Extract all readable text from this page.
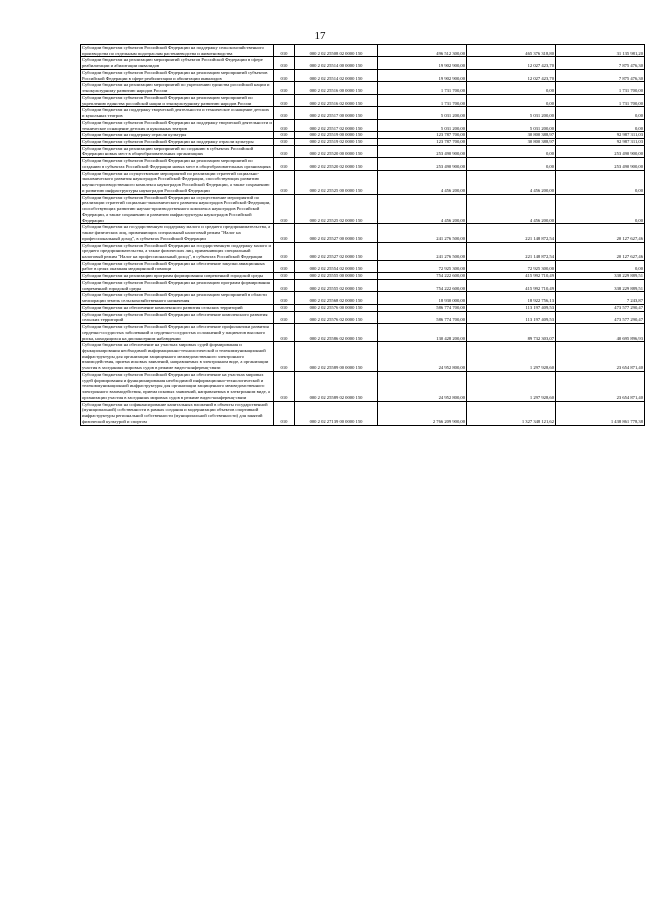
17
Субсидии бюджетам субъектов Российской Федерации на поддержку сельскохозяйственного производства по отдельным подотраслям растениеводства и животноводства	010	000 2 02 25508 02 0000 150	496 512 300,00	465 376 318,80	31 135 981,20
Субсидии бюджетам на реализацию мероприятий субъектов Российской Федерации в сфере реабилитации и абилитации инвалидов	010	000 2 02 25514 00 0000 150	19 902 900,00	12 027 423,70	7 875 476,30
Субсидии бюджетам субъектов Российской Федерации на реализацию мероприятий субъектов Российской Федерации в сфере реабилитации и абилитации инвалидов	010	000 2 02 25514 02 0000 150	19 902 900,00	12 027 423,70	7 875 476,30
Субсидии бюджетам на реализацию мероприятий по укреплению единства российской нации и этнокультурному развитию народов России	010	000 2 02 25516 00 0000 150	1 731 700,00	0,00	1 731 700,00
Субсидии бюджетам субъектов Российской Федерации на реализацию мероприятий по укреплению единства российской нации и этнокультурному развитию народов России	010	000 2 02 25516 02 0000 150	1 731 700,00	0,00	1 731 700,00
Субсидии бюджетам на поддержку творческой деятельности и техническое оснащение детских и кукольных театров	010	000 2 02 25517 00 0000 150	5 031 200,00	5 031 200,00	0,00
Субсидии бюджетам субъектов Российской Федерации на поддержку творческой деятельности и техническое оснащение детских и кукольных театров	010	000 2 02 25517 02 0000 150	5 031 200,00	5 031 200,00	0,00
Субсидии бюджетам на поддержку отрасли культуры	010	000 2 02 25519 00 0000 150	123 787 700,00	30 800 388,97	92 987 311,03
Субсидии бюджетам субъектов Российской Федерации на поддержку отрасли культуры	010	000 2 02 25519 02 0000 150	123 787 700,00	30 800 388,97	92 987 311,03
Субсидии бюджетам на реализацию мероприятий по созданию в субъектах Российской Федерации новых мест в общеобразовательных организациях	010	000 2 02 25520 00 0000 150	253 490 900,00	0,00	253 490 900,00
Субсидии бюджетам субъектов Российской Федерации на реализацию мероприятий по созданию в субъектах Российской Федерации новых мест в общеобразовательных организациях	010	000 2 02 25520 02 0000 150	253 490 900,00	0,00	253 490 900,00
Субсидии бюджетам на осуществление мероприятий по реализации стратегий социально-экономического развития наукоградов Российской Федерации, способствующих развитию научно-производственного комплекса наукоградов Российской Федерации, а также сохранению и развитию инфраструктуры наукоградов Российской Федерации	010	000 2 02 25525 00 0000 150	4 456 200,00	4 456 200,00	0,00
Субсидии бюджетам субъектов Российской Федерации на осуществление мероприятий по реализации стратегий социально-экономического развития наукоградов Российской Федерации, способствующих развитию научно-производственного комплекса наукоградов Российской Федерации, а также сохранению и развитию инфраструктуры наукоградов Российской Федерации	010	000 2 02 25525 02 0000 150	4 456 200,00	4 456 200,00	0,00
Субсидии бюджетам на государственную поддержку малого и среднего предпринимательства, а также физических лиц, применяющих специальный налоговый режим "Налог на профессиональный доход", в субъектах Российской Федерации	010	000 2 02 25527 00 0000 150	241 276 500,00	221 148 872,54	20 127 627,46
Субсидии бюджетам субъектов Российской Федерации на государственную поддержку малого и среднего предпринимательства, а также физических лиц, применяющих специальный налоговый режим "Налог на профессиональный доход", в субъектах Российской Федерации	010	000 2 02 25527 02 0000 150	241 276 500,00	221 148 872,54	20 127 627,46
Субсидии бюджетам субъектов Российской Федерации на обеспечение закупки авиационных работ в целях оказания медицинской помощи	010	000 2 02 25554 02 0000 150	72 925 300,00	72 925 300,00	0,00
Субсидии бюджетам на реализацию программ формирования современной городской среды	010	000 2 02 25555 00 0000 150	754 222 600,00	415 992 710,49	338 229 889,51
Субсидии бюджетам субъектов Российской Федерации на реализацию программ формирования современной городской среды	010	000 2 02 25555 02 0000 150	754 222 600,00	415 992 710,49	338 229 889,51
Субсидии бюджетам субъектов Российской Федерации на реализацию мероприятий в области мелиорации земель сельскохозяйственного назначения	010	000 2 02 25568 02 0000 150	18 930 000,00	18 922 756,13	7 243,87
Субсидии бюджетам на обеспечение комплексного развития сельских территорий	010	000 2 02 25576 00 0000 150	586 774 700,00	113 197 409,53	473 577 290,47
Субсидии бюджетам субъектов Российской Федерации на обеспечение комплексного развития сельских территорий	010	000 2 02 25576 02 0000 150	586 774 700,00	113 197 409,53	473 577 290,47
Субсидии бюджетам субъектов Российской Федерации на обеспечение профилактики развития сердечно-сосудистых заболеваний и сердечно-сосудистых осложнений у пациентов высокого риска, находящихся на диспансерном наблюдении	010	000 2 02 25586 02 0000 150	130 428 200,00	89 732 303,07	40 695 896,93
Субсидии бюджетам на обеспечение на участках мировых судей формирования и функционирования необходимой информационно-технологической и телекоммуникационной инфраструктуры для организации защищенного межведомственного электронного взаимодействия, приема исковых заявлений, направляемых в электронном виде, а организации участия в заседаниях мировых судов в режиме видео-конференц-связи	010	000 2 02 25589 00 0000 150	24 952 800,00	1 297 928,60	23 654 871,40
Субсидии бюджетам субъектов Российской Федерации на обеспечение на участках мировых судей формирования и функционирования необходимой информационно-технологической и телекоммуникационной инфраструктуры для организации защищенного межведомственного электронного взаимодействия, приема исковых заявлений, направляемых в электронном виде, а организации участия в заседаниях мировых судов в режиме видео-конференц-связи	010	000 2 02 25589 02 0000 150	24 952 800,00	1 297 928,60	23 654 871,40
Субсидии бюджетам на софинансирование капитальных вложений в объекты государственной (муниципальной) собственности в рамках создания и модернизации объектов спортивной инфраструктуры региональной собственности (муниципальной собственности) для занятий физической культурой и спортом	010	000 2 02 27139 00 0000 150	2 766 209 900,00	1 327 348 121,62	1 438 861 778,38
